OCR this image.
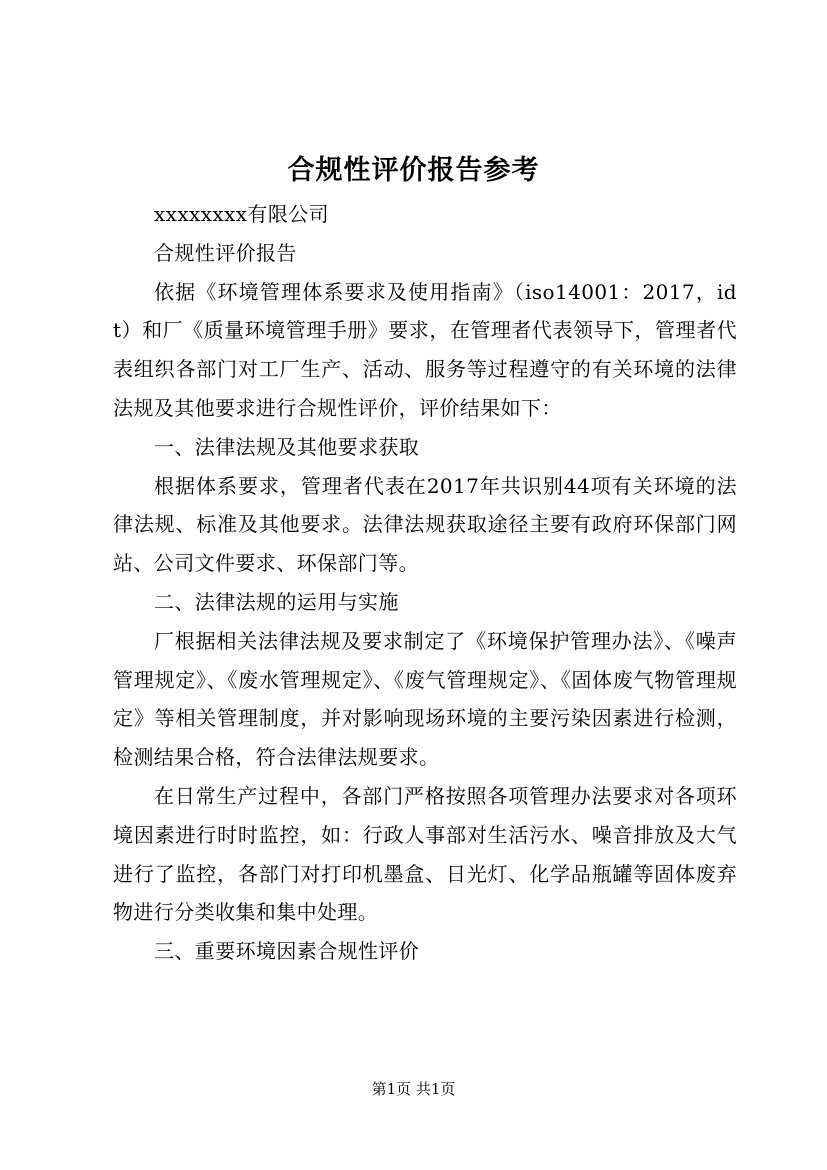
合规性评价报告参考

xxxxxxxx有限公司

合规性评价报告

依据《环境管理体系要求及使用指南》（iso14001：2017，idt）和厂《质量环境管理手册》要求，在管理者代表领导下，管理者代表组织各部门对工厂生产、活动、服务等过程遵守的有关环境的法律法规及其他要求进行合规性评价，评价结果如下：

一、法律法规及其他要求获取

根据体系要求，管理者代表在2017年共识别44项有关环境的法律法规、标准及其他要求。法律法规获取途径主要有政府环保部门网站、公司文件要求、环保部门等。

二、法律法规的运用与实施

厂根据相关法律法规及要求制定了《环境保护管理办法》、《噪声管理规定》、《废水管理规定》、《废气管理规定》、《固体废气物管理规定》等相关管理制度，并对影响现场环境的主要污染因素进行检测，检测结果合格，符合法律法规要求。

在日常生产过程中，各部门严格按照各项管理办法要求对各项环境因素进行时时监控，如：行政人事部对生活污水、噪音排放及大气进行了监控，各部门对打印机墨盒、日光灯、化学品瓶罐等固体废弃物进行分类收集和集中处理。

三、重要环境因素合规性评价

第1页 共1页
